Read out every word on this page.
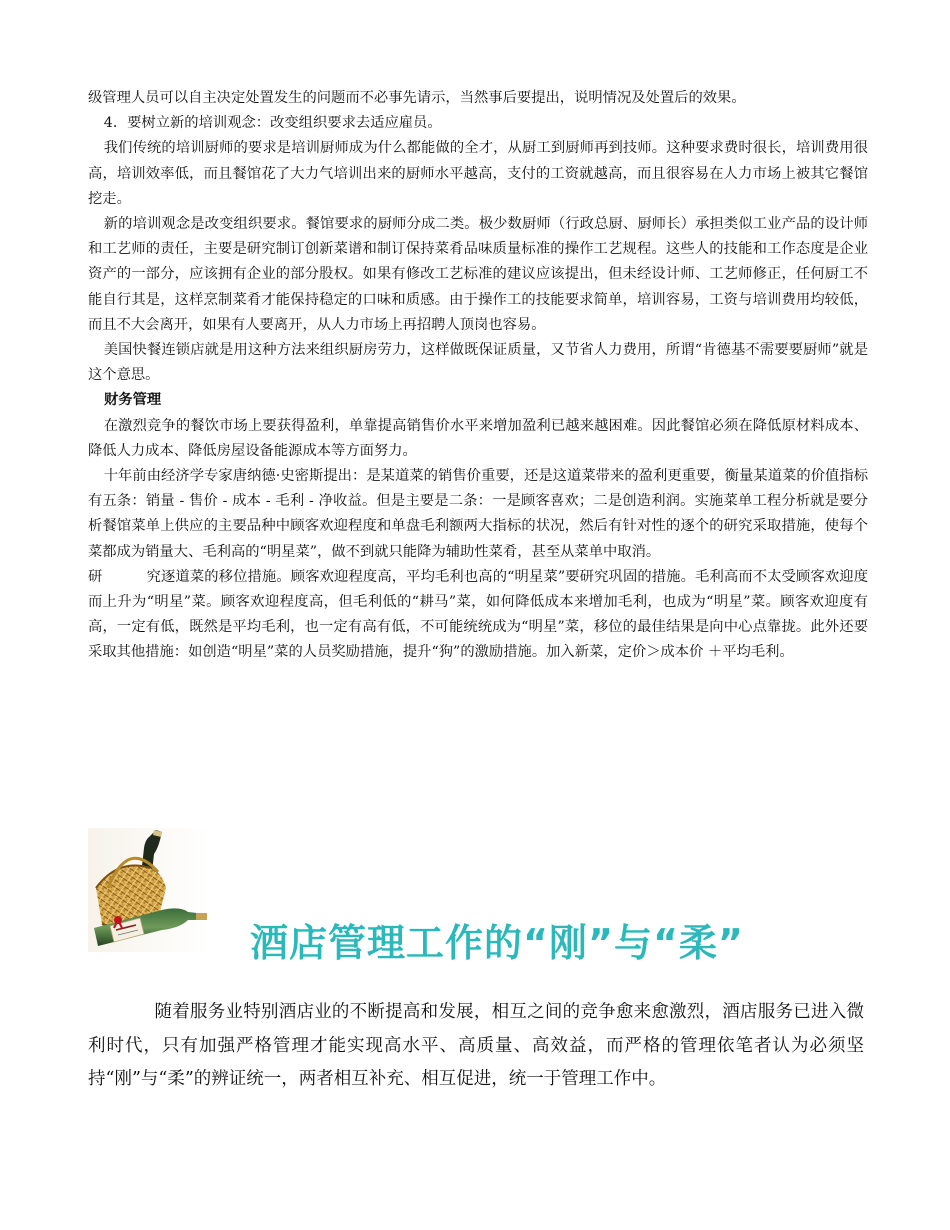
级管理人员可以自主决定处置发生的问题而不必事先请示，当然事后要提出，说明情况及处置后的效果。

4．要树立新的培训观念：改变组织要求去适应雇员。

我们传统的培训厨师的要求是培训厨师成为什么都能做的全才，从厨工到厨师再到技师。这种要求费时很长，培训费用很高，培训效率低，而且餐馆花了大力气培训出来的厨师水平越高，支付的工资就越高，而且很容易在人力市场上被其它餐馆挖走。

新的培训观念是改变组织要求。餐馆要求的厨师分成二类。极少数厨师（行政总厨、厨师长）承担类似工业产品的设计师和工艺师的责任，主要是研究制订创新菜谱和制订保持菜肴品味质量标准的操作工艺规程。这些人的技能和工作态度是企业资产的一部分，应该拥有企业的部分股权。如果有修改工艺标准的建议应该提出，但未经设计师、工艺师修正，任何厨工不能自行其是，这样烹制菜肴才能保持稳定的口味和质感。由于操作工的技能要求简单，培训容易，工资与培训费用均较低，而且不大会离开，如果有人要离开，从人力市场上再招聘人顶岗也容易。

美国快餐连锁店就是用这种方法来组织厨房劳力，这样做既保证质量，又节省人力费用，所谓“肯德基不需要要厨师”就是这个意思。

财务管理

在激烈竞争的餐饮市场上要获得盈利，单靠提高销售价水平来增加盈利已越来越困难。因此餐馆必须在降低原材料成本、降低人力成本、降低房屋设备能源成本等方面努力。

十年前由经济学专家唐纳德·史密斯提出：是某道菜的销售价重要，还是这道菜带来的盈利更重要，衡量某道菜的价值指标有五条：销量 - 售价 - 成本 - 毛利 - 净收益。但是主要是二条：一是顾客喜欢；二是创造利润。实施菜单工程分析就是要分析餐馆菜单上供应的主要品种中顾客欢迎程度和单盘毛利额两大指标的状况，然后有针对性的逐个的研究采取措施，使每个菜都成为销量大、毛利高的“明星菜”，做不到就只能降为辅助性菜肴，甚至从菜单中取消。

研	究逐道菜的移位措施。顾客欢迎程度高，平均毛利也高的“明星菜”要研究巩固的措施。毛利高而不太受顾客欢迎度而上升为“明星”菜。顾客欢迎程度高，但毛利低的“耕马”菜，如何降低成本来增加毛利，也成为“明星”菜。顾客欢迎度有高，一定有低，既然是平均毛利，也一定有高有低，不可能统统成为“明星”菜，移位的最佳结果是向中心点靠拢。此外还要采取其他措施：如创造“明星”菜的人员奖励措施，提升“狗”的激励措施。加入新菜，定价＞成本价 ＋平均毛利。

酒店管理工作的“刚”与“柔”

随着服务业特别酒店业的不断提高和发展，相互之间的竞争愈来愈激烈，酒店服务已进入微利时代，只有加强严格管理才能实现高水平、高质量、高效益，而严格的管理依笔者认为必须坚持“刚”与“柔”的辨证统一，两者相互补充、相互促进，统一于管理工作中。
